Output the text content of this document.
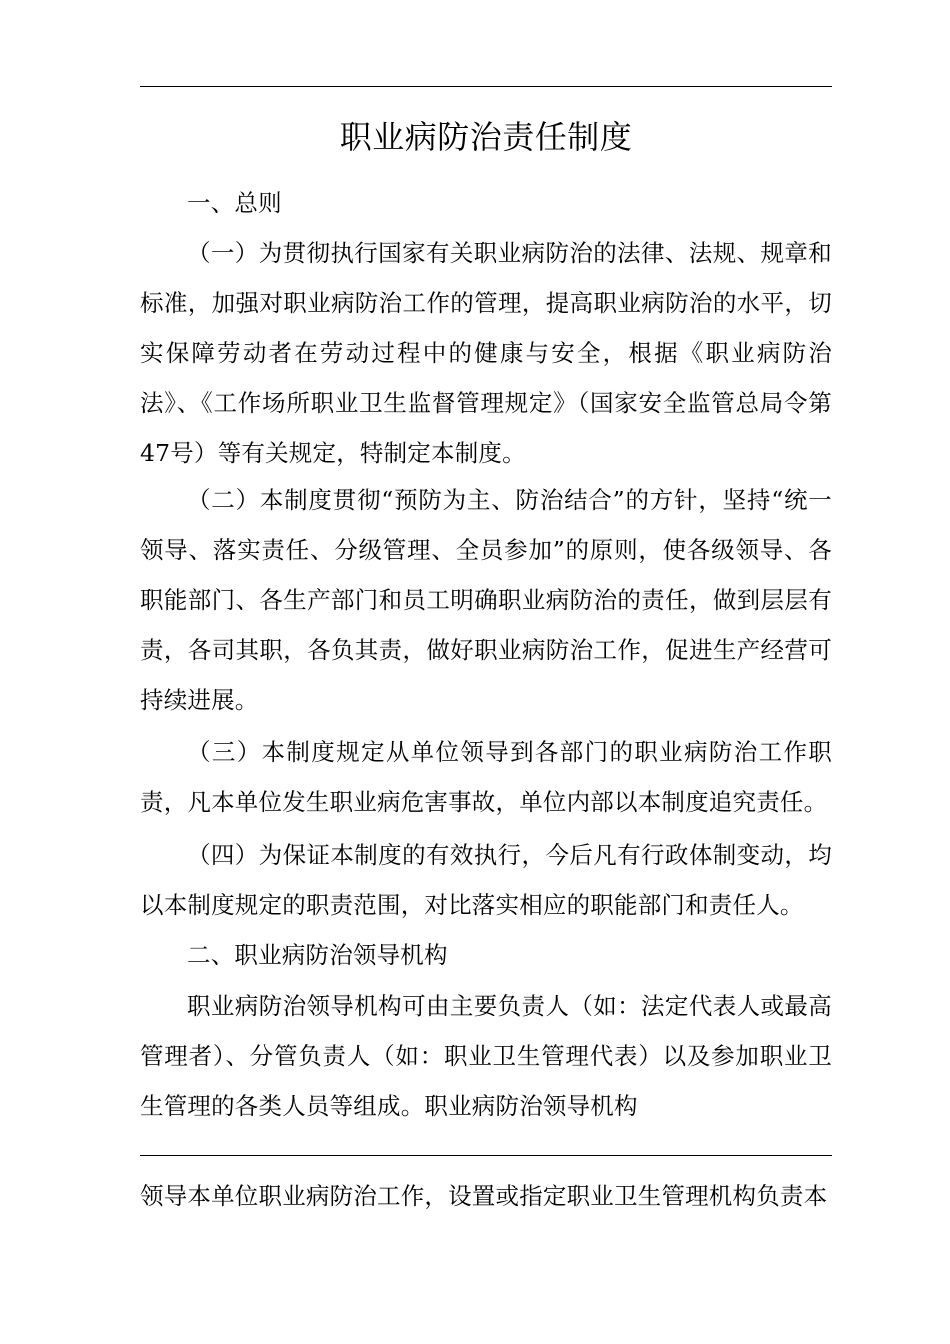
职业病防治责任制度

一、总则

（一）为贯彻执行国家有关职业病防治的法律、法规、规章和标准，加强对职业病防治工作的管理，提高职业病防治的水平，切实保障劳动者在劳动过程中的健康与安全，根据《职业病防治法》、《工作场所职业卫生监督管理规定》（国家安全监管总局令第47号）等有关规定，特制定本制度。

（二）本制度贯彻“预防为主、防治结合”的方针，坚持“统一领导、落实责任、分级管理、全员参加”的原则，使各级领导、各职能部门、各生产部门和员工明确职业病防治的责任，做到层层有责，各司其职，各负其责，做好职业病防治工作，促进生产经营可持续进展。

（三）本制度规定从单位领导到各部门的职业病防治工作职责，凡本单位发生职业病危害事故，单位内部以本制度追究责任。

（四）为保证本制度的有效执行，今后凡有行政体制变动，均以本制度规定的职责范围，对比落实相应的职能部门和责任人。

二、职业病防治领导机构

职业病防治领导机构可由主要负责人（如：法定代表人或最高管理者）、分管负责人（如：职业卫生管理代表）以及参加职业卫生管理的各类人员等组成。职业病防治领导机构

领导本单位职业病防治工作，设置或指定职业卫生管理机构负责本
